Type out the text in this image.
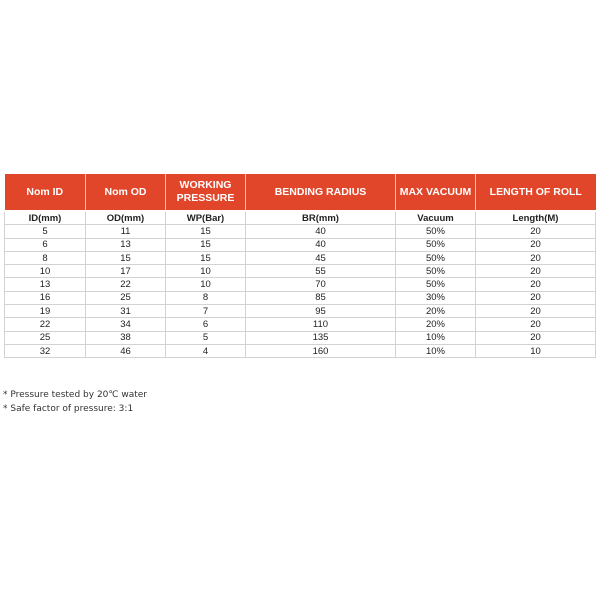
Nom ID	Nom OD	WORKING PRESSURE	BENDING RADIUS	MAX VACUUM	LENGTH OF ROLL
ID(mm)	OD(mm)	WP(Bar)	BR(mm)	Vacuum	Length(M)
5	11	15	40	50%	20
6	13	15	40	50%	20
8	15	15	45	50%	20
10	17	10	55	50%	20
13	22	10	70	50%	20
16	25	8	85	30%	20
19	31	7	95	20%	20
22	34	6	110	20%	20
25	38	5	135	10%	20
32	46	4	160	10%	10

* Pressure tested by 20℃ water

* Safe factor of pressure: 3:1
